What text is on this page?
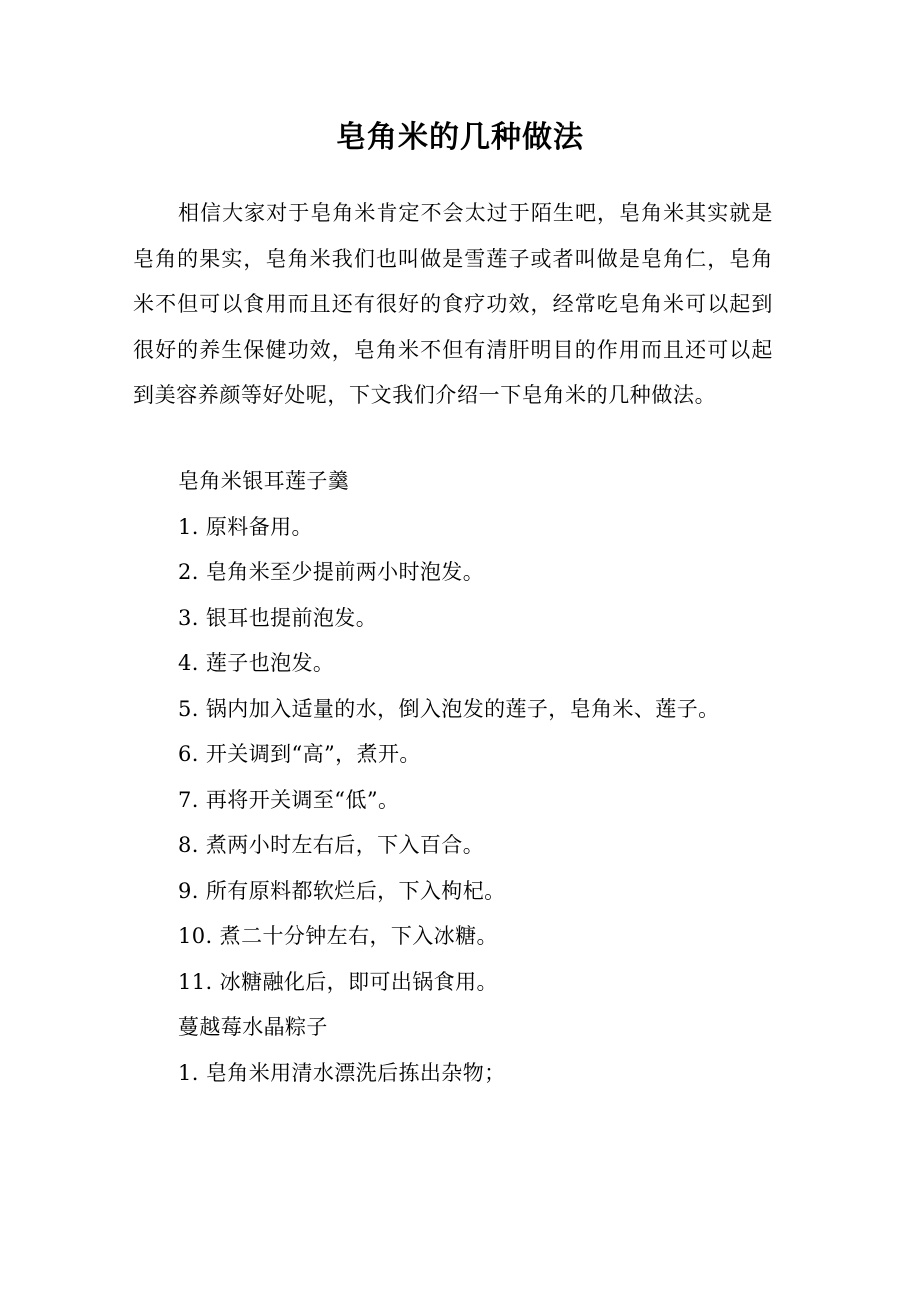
皂角米的几种做法

相信大家对于皂角米肯定不会太过于陌生吧，皂角米其实就是皂角的果实，皂角米我们也叫做是雪莲子或者叫做是皂角仁，皂角米不但可以食用而且还有很好的食疗功效，经常吃皂角米可以起到很好的养生保健功效，皂角米不但有清肝明目的作用而且还可以起到美容养颜等好处呢，下文我们介绍一下皂角米的几种做法。

皂角米银耳莲子羹
1. 原料备用。
2. 皂角米至少提前两小时泡发。
3. 银耳也提前泡发。
4. 莲子也泡发。
5. 锅内加入适量的水，倒入泡发的莲子，皂角米、莲子。
6. 开关调到“高”，煮开。
7. 再将开关调至“低”。
8. 煮两小时左右后，下入百合。
9. 所有原料都软烂后，下入枸杞。
10. 煮二十分钟左右，下入冰糖。
11. 冰糖融化后，即可出锅食用。
蔓越莓水晶粽子
1. 皂角米用清水漂洗后拣出杂物；
